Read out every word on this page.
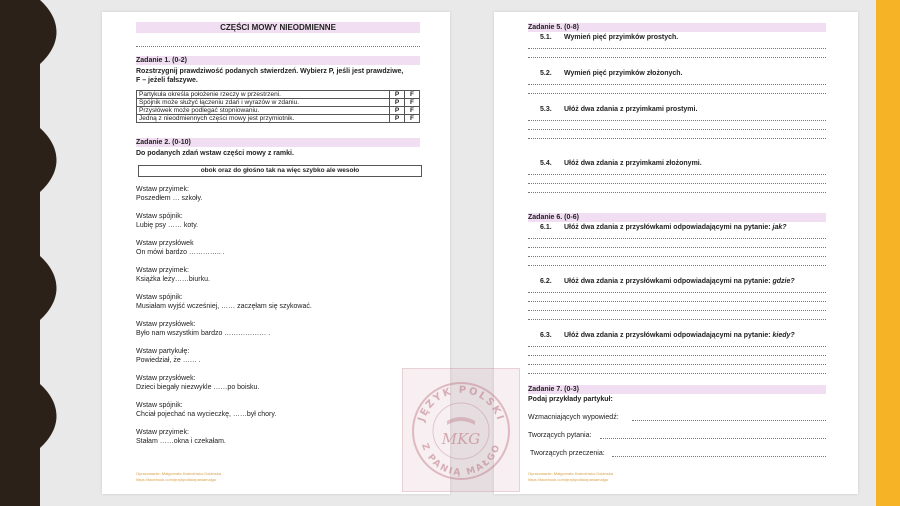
CZĘŚCI MOWY NIEODMIENNE
Zadanie 1. (0-2)
Rozstrzygnij prawdziwość podanych stwierdzeń. Wybierz P, jeśli jest prawdziwe,
F – jeżeli fałszywe.
Partykuła określa położenie rzeczy w przestrzeni.	P	F
Spójnik może służyć łączeniu zdań i wyrazów w zdaniu.	P	F
Przysłówek może podlegać stopniowaniu.	P	F
Jedną z nieodmiennych części mowy jest przymiotnik.	P	F
Zadanie 2. (0-10)
Do podanych zdań wstaw części mowy z ramki.
obok oraz do głośno tak na więc szybko ale wesoło
Wstaw przyimek:
Poszedłem … szkoły.
Wstaw spójnik:
Lubię psy …… koty.
Wstaw przysłówek
On mówi bardzo ………….. .
Wstaw przyimek:
Książka leży……biurku.
Wstaw spójnik:
Musiałam wyjść wcześniej, …… zaczęłam się szykować.
Wstaw przysłówek:
Było nam wszystkim bardzo ……………… .
Wstaw partykułę:
Powiedział, że …… .
Wstaw przysłówek:
Dzieci biegały niezwykle ……po boisku.
Wstaw spójnik:
Chciał pojechać na wycieczkę, ……był chory.
Wstaw przyimek:
Stałam ……okna i czekałam.
Opracowanie: Małgorzata Kwiecińska-Golańska
https://facebook.com/jezykpolskizpaniamalgo
Zadanie 5. (0-8)
5.1. Wymień pięć przyimków prostych.
5.2. Wymień pięć przyimków złożonych.
5.3. Ułóż dwa zdania z przyimkami prostymi.
5.4. Ułóż dwa zdania z przyimkami złożonymi.
Zadanie 6. (0-6)
6.1. Ułóż dwa zdania z przysłówkami odpowiadającymi na pytanie: jak?
6.2. Ułóż dwa zdania z przysłówkami odpowiadającymi na pytanie: gdzie?
6.3. Ułóż dwa zdania z przysłówkami odpowiadającymi na pytanie: kiedy?
Zadanie 7. (0-3)
Podaj przykłady partykuł:
Wzmacniających wypowiedź:
Tworzących pytania:
Tworzących przeczenia:
Opracowanie: Małgorzata Kwiecińska-Golańska
https://facebook.com/jezykpolskizpaniamalgo
JĘZYK POLSKI
Z PANIĄ MAŁGO
MKG
